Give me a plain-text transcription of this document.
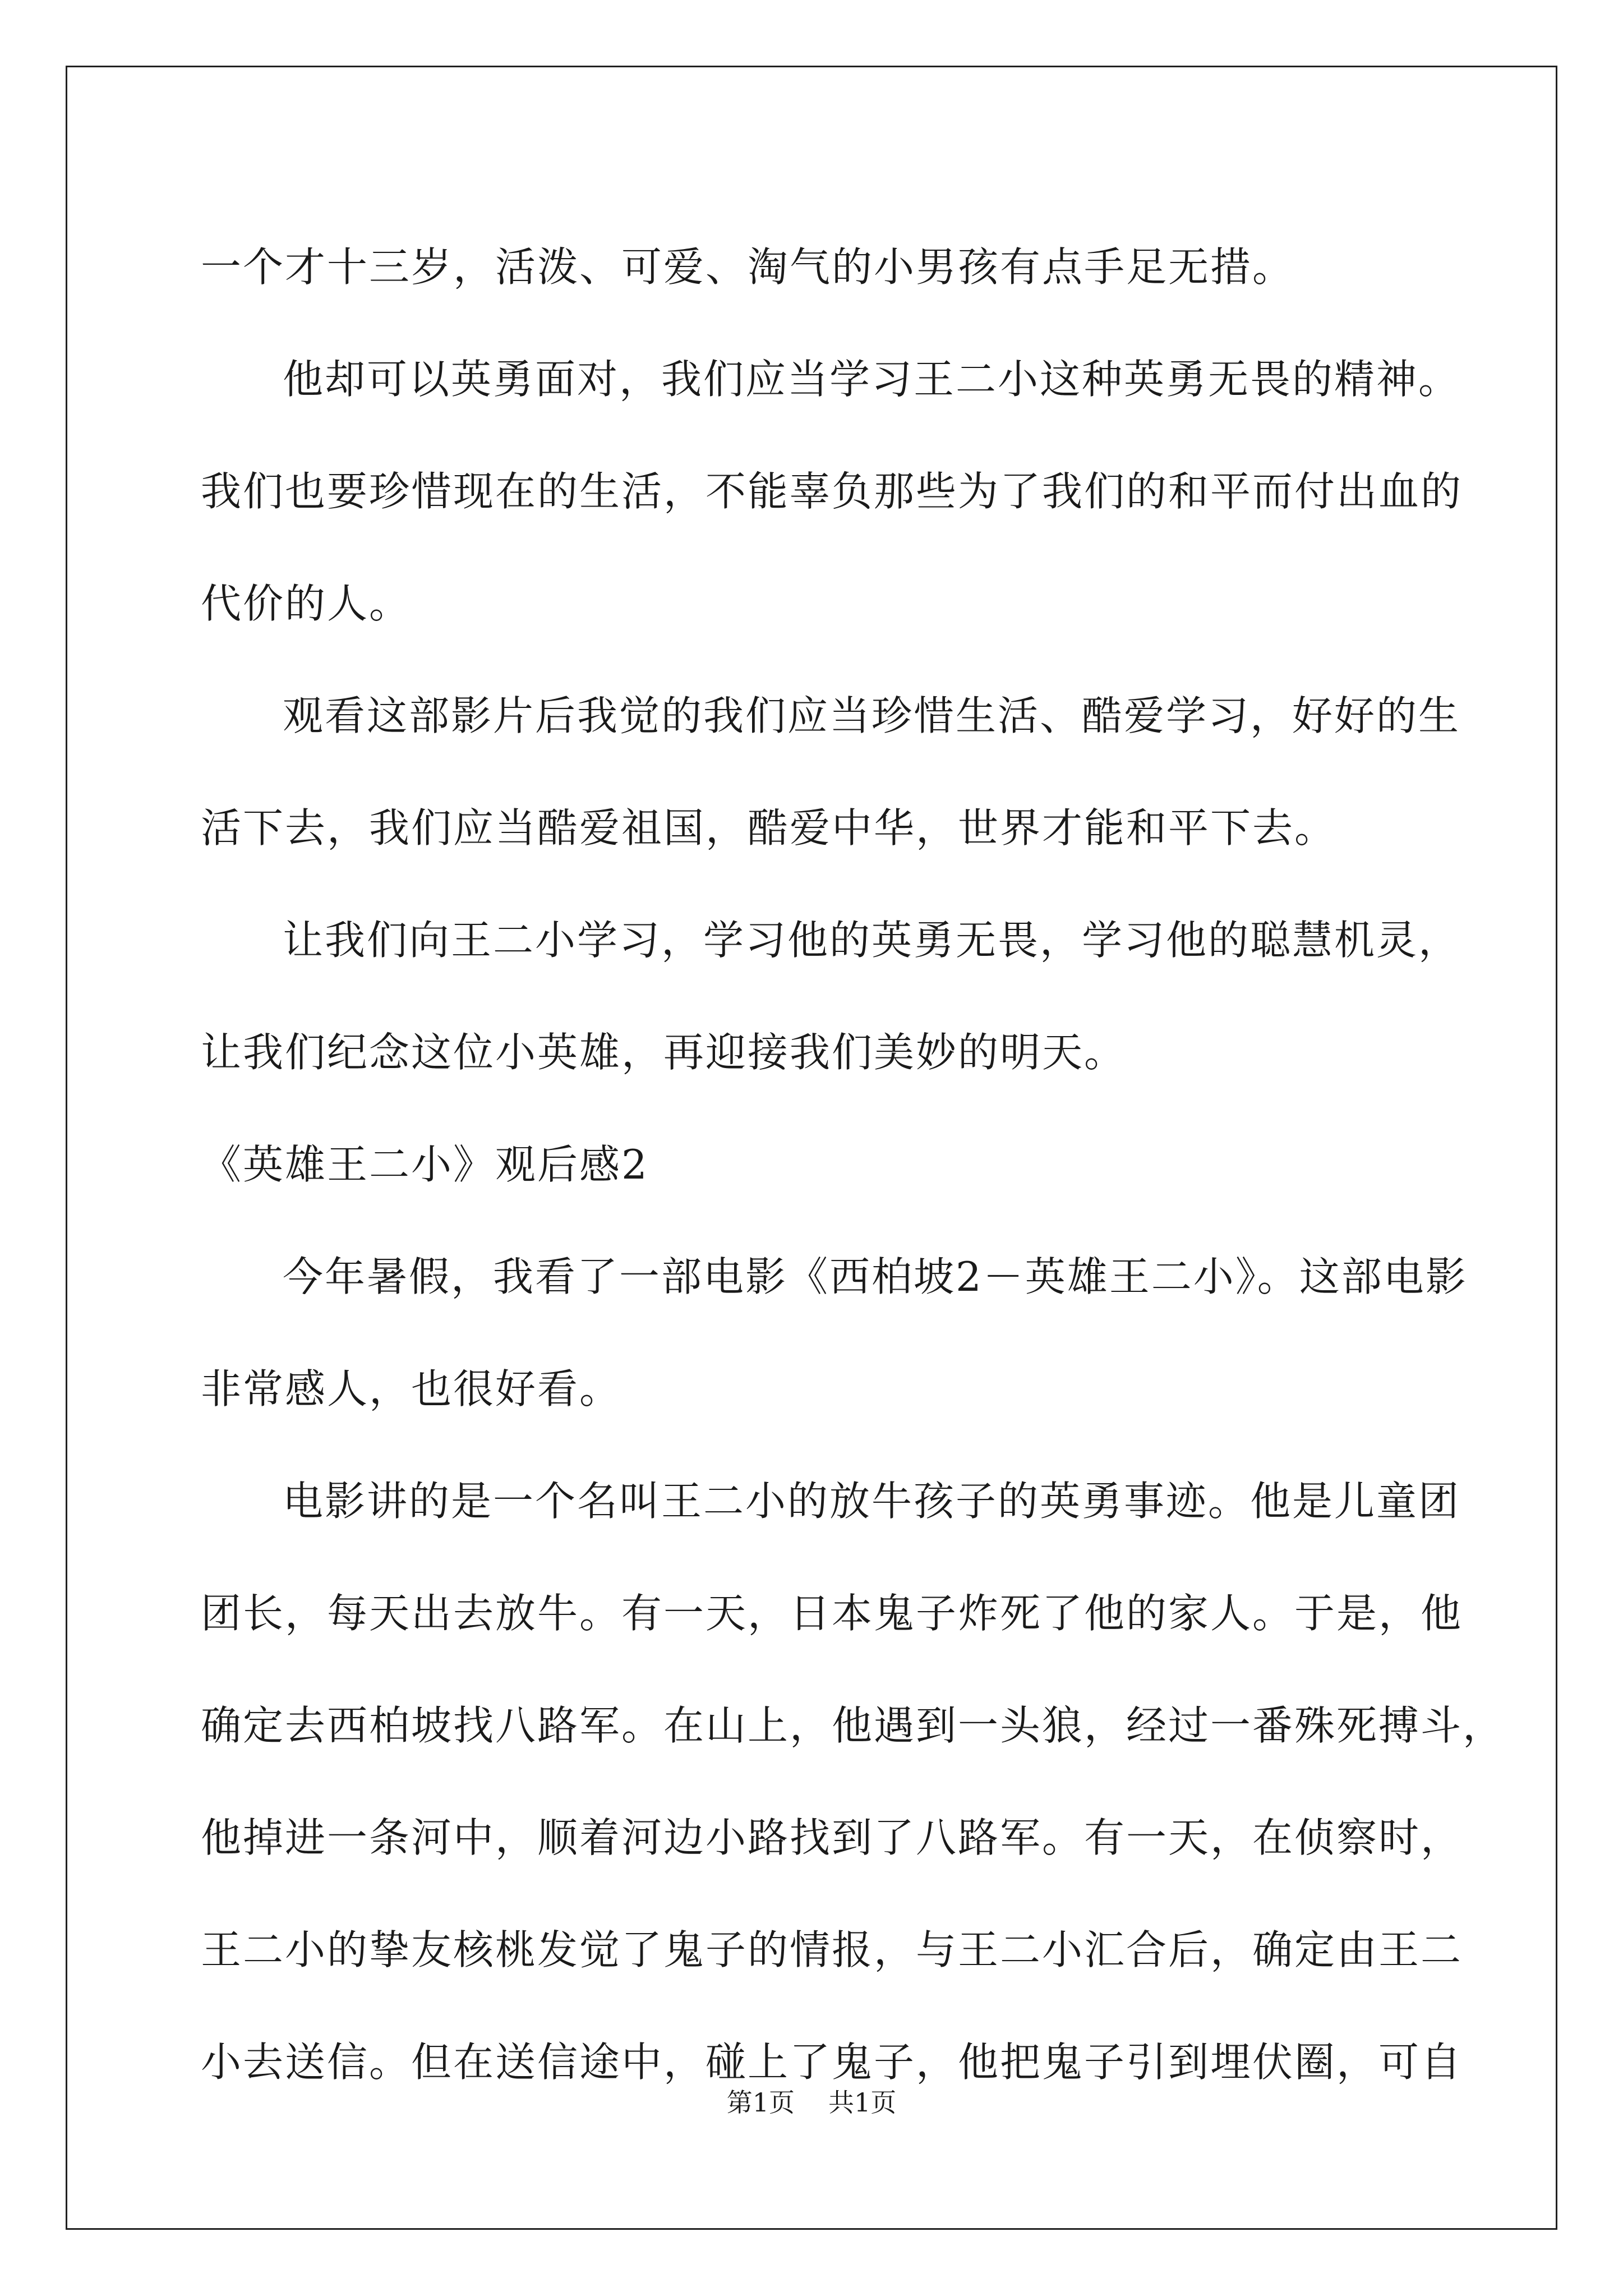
一个才十三岁，活泼、可爱、淘气的小男孩有点手足无措。
他却可以英勇面对，我们应当学习王二小这种英勇无畏的精神。
我们也要珍惜现在的生活，不能辜负那些为了我们的和平而付出血的
代价的人。
观看这部影片后我觉的我们应当珍惜生活、酷爱学习，好好的生
活下去，我们应当酷爱祖国，酷爱中华，世界才能和平下去。
让我们向王二小学习，学习他的英勇无畏，学习他的聪慧机灵，
让我们纪念这位小英雄，再迎接我们美妙的明天。
《英雄王二小》观后感2
今年暑假，我看了一部电影《西柏坡2－英雄王二小》。这部电影
非常感人，也很好看。
电影讲的是一个名叫王二小的放牛孩子的英勇事迹。他是儿童团
团长，每天出去放牛。有一天，日本鬼子炸死了他的家人。于是，他
确定去西柏坡找八路军。在山上，他遇到一头狼，经过一番殊死搏斗，
他掉进一条河中，顺着河边小路找到了八路军。有一天，在侦察时，
王二小的挚友核桃发觉了鬼子的情报，与王二小汇合后，确定由王二
小去送信。但在送信途中，碰上了鬼子，他把鬼子引到埋伏圈，可自
第1页 共1页
